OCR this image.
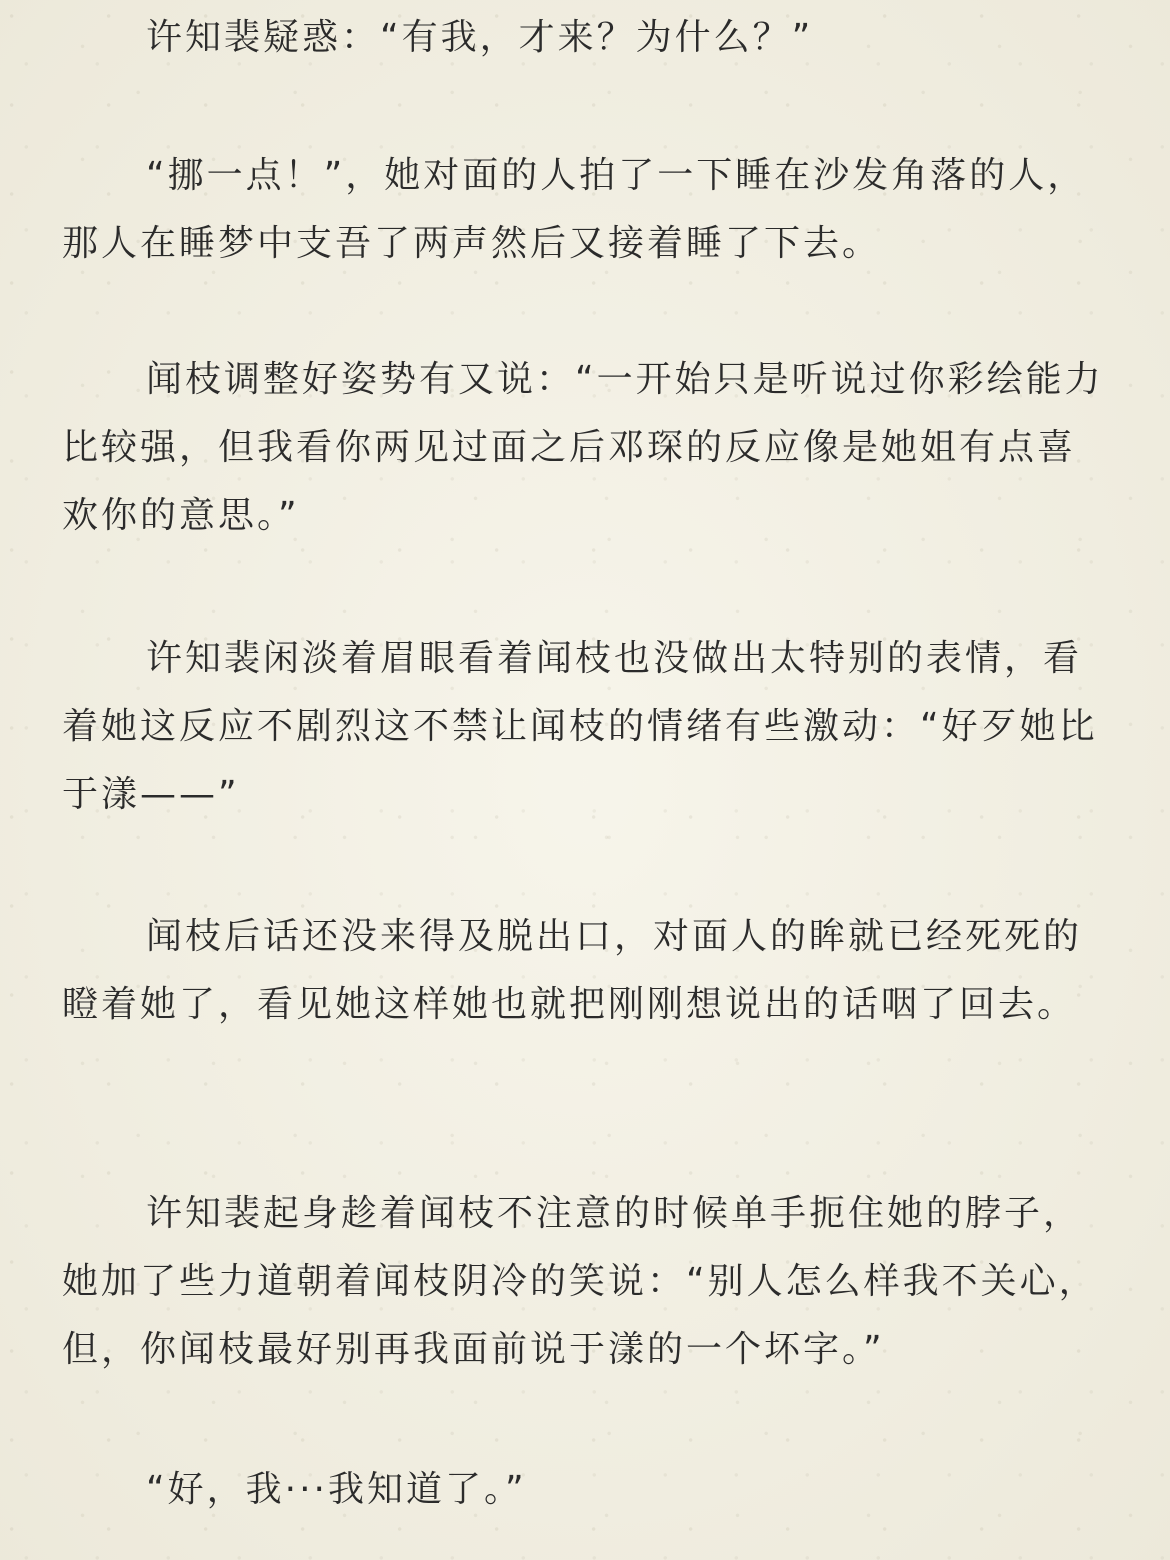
许知裴疑惑：“有我，才来？为什么？”

“挪一点！”，她对面的人拍了一下睡在沙发角落的人，那人在睡梦中支吾了两声然后又接着睡了下去。

闻枝调整好姿势有又说：“一开始只是听说过你彩绘能力比较强，但我看你两见过面之后邓琛的反应像是她姐有点喜欢你的意思。”

许知裴闲淡着眉眼看着闻枝也没做出太特别的表情，看着她这反应不剧烈这不禁让闻枝的情绪有些激动：“好歹她比于漾——”

闻枝后话还没来得及脱出口，对面人的眸就已经死死的瞪着她了，看见她这样她也就把刚刚想说出的话咽了回去。

许知裴起身趁着闻枝不注意的时候单手扼住她的脖子，她加了些力道朝着闻枝阴冷的笑说：“别人怎么样我不关心，但，你闻枝最好别再我面前说于漾的一个坏字。”

“好，我···我知道了。”
